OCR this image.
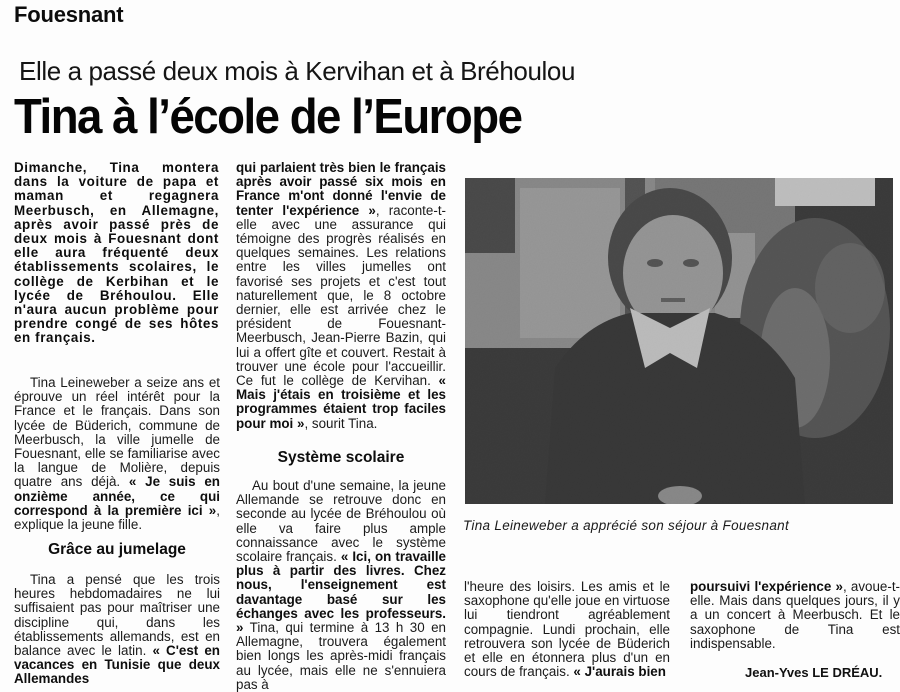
Fouesnant
Elle a passé deux mois à Kervihan et à Bréhoulou
Tina à l’école de l’Europe
Dimanche, Tina montera dans la voiture de papa et maman et regagnera Meerbusch, en Allemagne, après avoir passé près de deux mois à Fouesnant dont elle aura fréquenté deux établissements scolaires, le collège de Kerbihan et le lycée de Bréhoulou. Elle n'aura aucun problème pour prendre congé de ses hôtes en français.

Tina Leineweber a seize ans et éprouve un réel intérêt pour la France et le français. Dans son lycée de Büderich, commune de Meerbusch, la ville jumelle de Fouesnant, elle se familiarise avec la langue de Molière, depuis quatre ans déjà. « Je suis en onzième année, ce qui correspond à la première ici », explique la jeune fille.

Grâce au jumelage

Tina a pensé que les trois heures hebdomadaires ne lui suffisaient pas pour maîtriser une discipline qui, dans les établissements allemands, est en balance avec le latin. « C'est en vacances en Tunisie que deux Allemandes

qui parlaient très bien le français après avoir passé six mois en France m'ont donné l'envie de tenter l'expérience », raconte-t-elle avec une assurance qui témoigne des progrès réalisés en quelques semaines. Les relations entre les villes jumelles ont favorisé ses projets et c'est tout naturellement que, le 8 octobre dernier, elle est arrivée chez le président de Fouesnant-Meerbusch, Jean-Pierre Bazin, qui lui a offert gîte et couvert. Restait à trouver une école pour l'accueillir. Ce fut le collège de Kervihan. « Mais j'étais en troisième et les programmes étaient trop faciles pour moi », sourit Tina.

Système scolaire

Au bout d'une semaine, la jeune Allemande se retrouve donc en seconde au lycée de Bréhoulou où elle va faire plus ample connaissance avec le système scolaire français. « Ici, on travaille plus à partir des livres. Chez nous, l'enseignement est davantage basé sur les échanges avec les professeurs. » Tina, qui termine à 13 h 30 en Allemagne, trouvera également bien longs les après-midi français au lycée, mais elle ne s'ennuiera pas à

Tina Leineweber a apprécié son séjour à Fouesnant

l'heure des loisirs. Les amis et le saxophone qu'elle joue en virtuose lui tiendront agréablement compagnie. Lundi prochain, elle retrouvera son lycée de Büderich et elle en étonnera plus d'un en cours de français. « J'aurais bien

poursuivi l'expérience », avoue-t-elle. Mais dans quelques jours, il y a un concert à Meerbusch. Et le saxophone de Tina est indispensable.

Jean-Yves LE DRÉAU.
